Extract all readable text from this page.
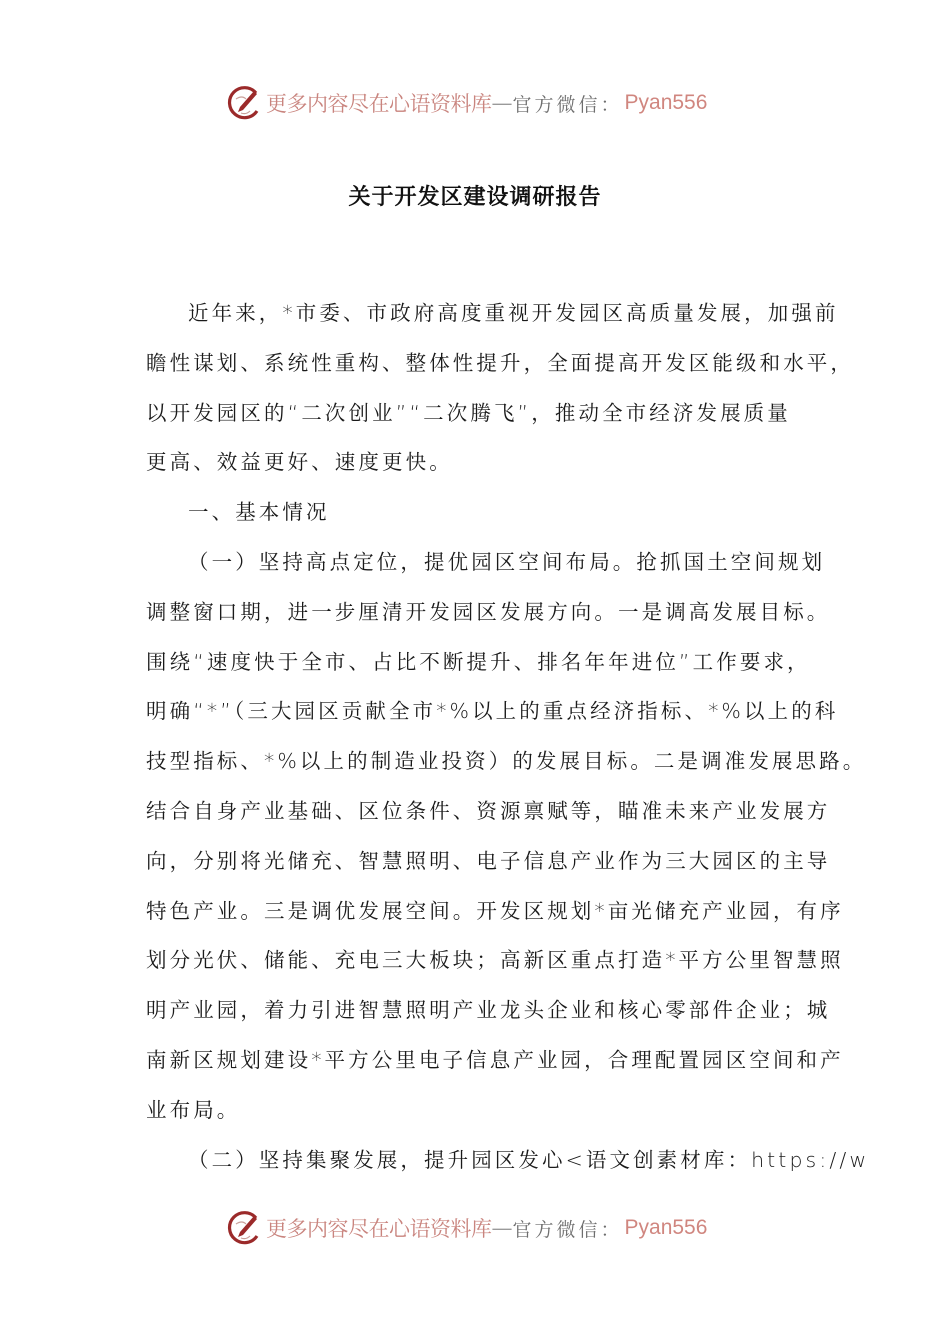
更多内容尽在心语资料库 — 官方微信： Pyan556
关于开发区建设调研报告
近年来，*市委、市政府高度重视开发园区高质量发展，加强前
瞻性谋划、系统性重构、整体性提升，全面提高开发区能级和水平，
以开发园区的“二次创业”“二次腾飞”，推动全市经济发展质量
更高、效益更好、速度更快。
一、基本情况
（一）坚持高点定位，提优园区空间布局。抢抓国土空间规划
调整窗口期，进一步厘清开发园区发展方向。一是调高发展目标。
围绕“速度快于全市、占比不断提升、排名年年进位”工作要求，
明确“*”（三大园区贡献全市*%以上的重点经济指标、*%以上的科
技型指标、*%以上的制造业投资）的发展目标。二是调准发展思路。
结合自身产业基础、区位条件、资源禀赋等，瞄准未来产业发展方
向，分别将光储充、智慧照明、电子信息产业作为三大园区的主导
特色产业。三是调优发展空间。开发区规划*亩光储充产业园，有序
划分光伏、储能、充电三大板块；高新区重点打造*平方公里智慧照
明产业园，着力引进智慧照明产业龙头企业和核心零部件企业；城
南新区规划建设*平方公里电子信息产业园，合理配置园区空间和产
业布局。
（二）坚持集聚发展，提升园区发心<语文创素材库：https://w
更多内容尽在心语资料库 — 官方微信： Pyan556
